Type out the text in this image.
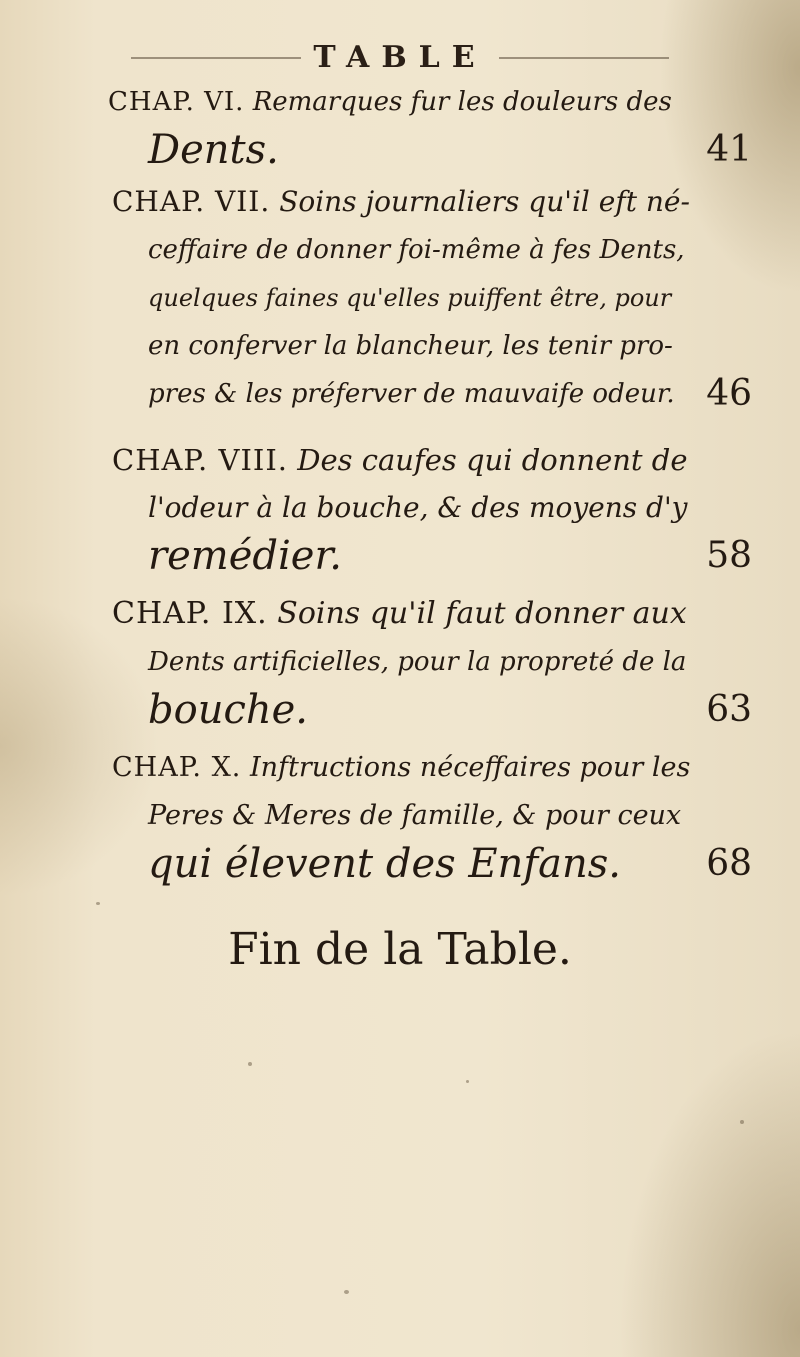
TABLE
CHAP. VI. Remarques fur les douleurs des
Dents.	41
CHAP. VII. Soins journaliers qu'il eft né-
ceffaire de donner foi-même à fes Dents,
quelques faines qu'elles puiffent être, pour
en conferver la blancheur, les tenir pro-
pres & les préferver de mauvaife odeur. 46
CHAP. VIII. Des caufes qui donnent de
l'odeur à la bouche, & des moyens d'y
remédier.	58
CHAP. IX. Soins qu'il faut donner aux
Dents artificielles, pour la propreté de la
bouche.	63
CHAP. X. Inftructions néceffaires pour les
Peres & Meres de famille, & pour ceux
qui élevent des Enfans. 68
Fin de la Table.
